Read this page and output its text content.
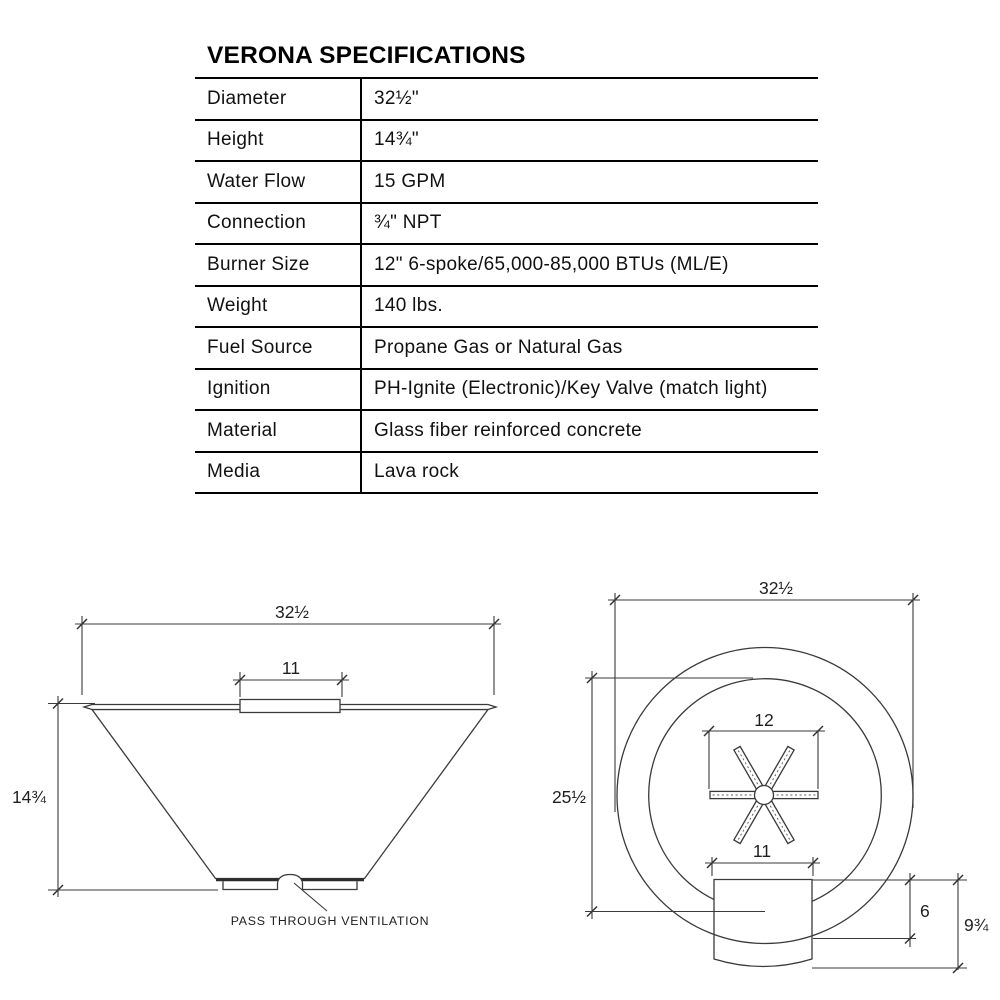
VERONA SPECIFICATIONS
Diameter	32½"
Height	14¾"
Water Flow	15 GPM
Connection	¾" NPT
Burner Size	12" 6-spoke/65,000-85,000 BTUs (ML/E)
Weight	140 lbs.
Fuel Source	Propane Gas or Natural Gas
Ignition	PH-Ignite (Electronic)/Key Valve (match light)
Material	Glass fiber reinforced concrete
Media	Lava rock
32½
11
14¾
PASS THROUGH VENTILATION
32½
25½
12
11
6
9¾
